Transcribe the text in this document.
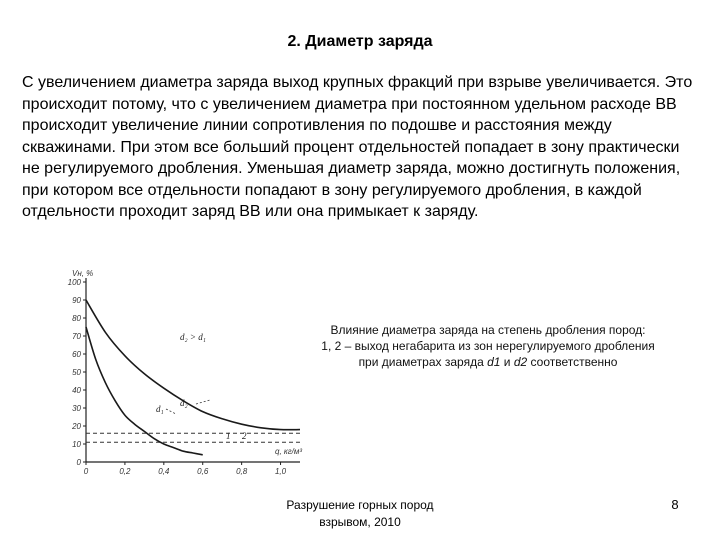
2. Диаметр заряда
С увеличением диаметра заряда выход крупных фракций при взрыве увеличивается. Это происходит потому, что с увеличением диаметра при постоянном удельном расходе ВВ происходит увеличение линии сопротивления по подошве и расстояния между скважинами. При этом все больший процент отдельностей попадает в зону практически не регулируемого дробления. Уменьшая диаметр заряда, можно достигнуть положения, при котором все отдельности попадают в зону регулируемого дробления, в каждой отдельности проходит заряд ВВ или она примыкает к заряду.
Vн, %
q, кг/м³
0
10
20
30
40
50
60
70
80
90
100
0	0,2	0,4	0,6	0,8	1,0
d₂ > d₁
d₁
d₂
1 2
Влияние диаметра заряда на степень дробления пород:
1, 2 – выход негабарита из зон нерегулируемого дробления
при диаметрах заряда d1 и d2 соответственно
Разрушение горных пород
взрывом, 2010
8
